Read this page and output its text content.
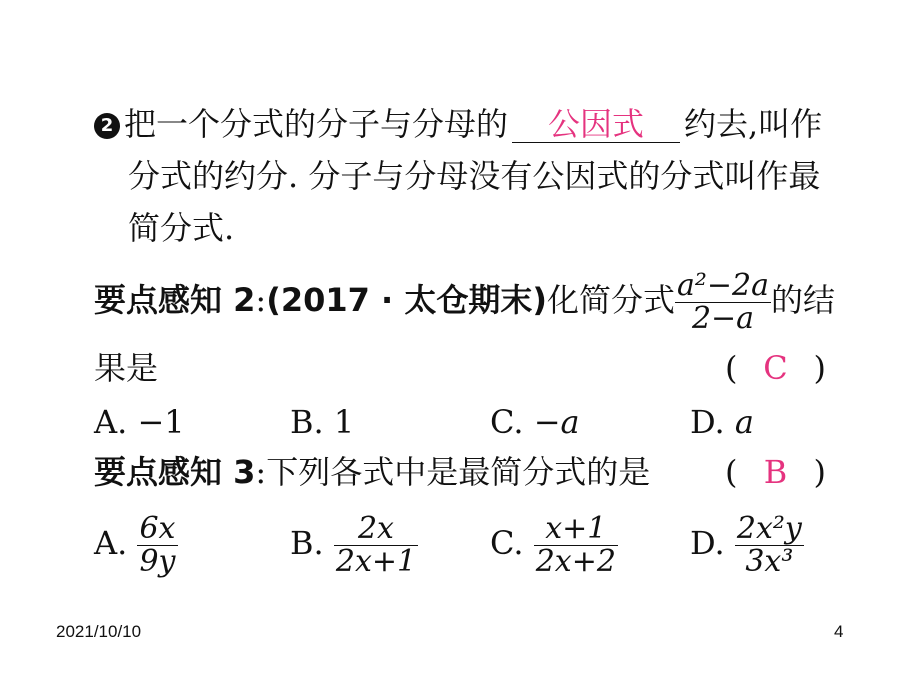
2 把一个分式的分子与分母的 公因式 约去,叫作
分式的约分. 分子与分母没有公因式的分式叫作最
简分式.
要点感知 2:(2017 · 太仓期末)化简分式 $\frac{\text{a²−2a}}{2-a}$ 的结
果是	( C )
A. −1	B. 1	C. −a	D. a
要点感知 3:下列各式中是最简分式的是 ( B )
A. $\frac{6x}{9y}$	B. $\frac{2x}{2x+1} C$. $\frac{x+1}{2x+2} D$. $\frac{\text{2x²y}}{\text{3x³}}$
2021/10/10	4
